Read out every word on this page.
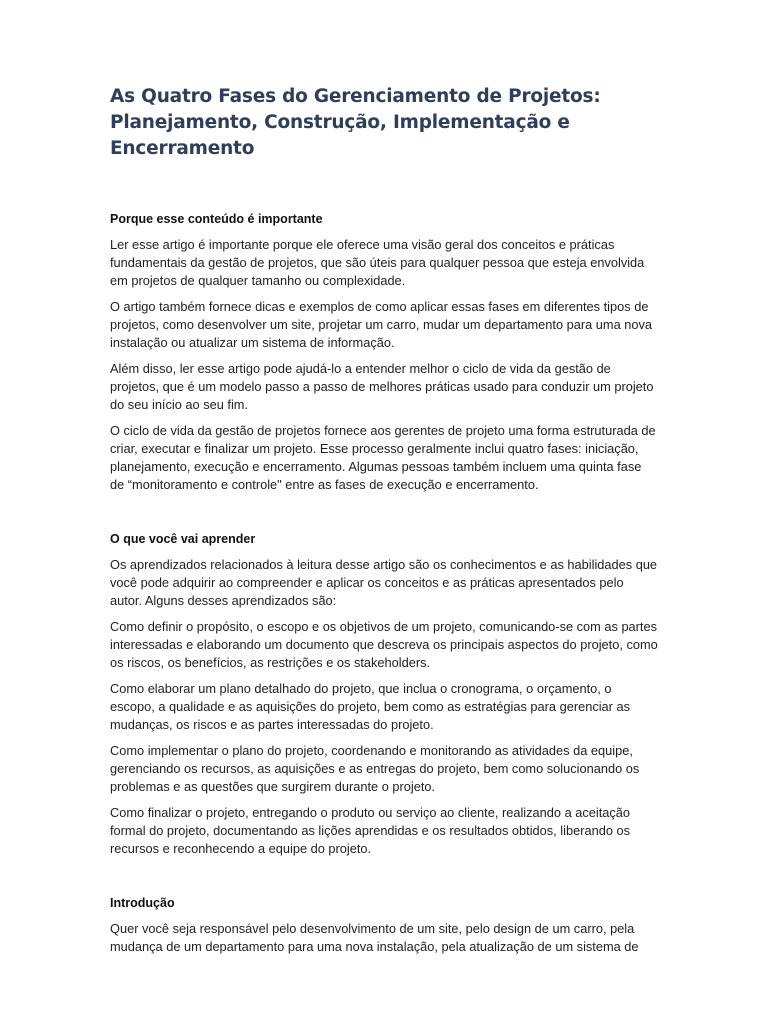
As Quatro Fases do Gerenciamento de Projetos: Planejamento, Construção, Implementação e Encerramento
Porque esse conteúdo é importante

Ler esse artigo é importante porque ele oferece uma visão geral dos conceitos e práticas fundamentais da gestão de projetos, que são úteis para qualquer pessoa que esteja envolvida em projetos de qualquer tamanho ou complexidade.

O artigo também fornece dicas e exemplos de como aplicar essas fases em diferentes tipos de projetos, como desenvolver um site, projetar um carro, mudar um departamento para uma nova instalação ou atualizar um sistema de informação.

Além disso, ler esse artigo pode ajudá-lo a entender melhor o ciclo de vida da gestão de projetos, que é um modelo passo a passo de melhores práticas usado para conduzir um projeto do seu início ao seu fim.

O ciclo de vida da gestão de projetos fornece aos gerentes de projeto uma forma estruturada de criar, executar e finalizar um projeto. Esse processo geralmente inclui quatro fases: iniciação, planejamento, execução e encerramento. Algumas pessoas também incluem uma quinta fase de “monitoramento e controle" entre as fases de execução e encerramento.

O que você vai aprender

Os aprendizados relacionados à leitura desse artigo são os conhecimentos e as habilidades que você pode adquirir ao compreender e aplicar os conceitos e as práticas apresentados pelo autor. Alguns desses aprendizados são:

Como definir o propósito, o escopo e os objetivos de um projeto, comunicando-se com as partes interessadas e elaborando um documento que descreva os principais aspectos do projeto, como os riscos, os benefícios, as restrições e os stakeholders.

Como elaborar um plano detalhado do projeto, que inclua o cronograma, o orçamento, o escopo, a qualidade e as aquisições do projeto, bem como as estratégias para gerenciar as mudanças, os riscos e as partes interessadas do projeto.

Como implementar o plano do projeto, coordenando e monitorando as atividades da equipe, gerenciando os recursos, as aquisições e as entregas do projeto, bem como solucionando os problemas e as questões que surgirem durante o projeto.

Como finalizar o projeto, entregando o produto ou serviço ao cliente, realizando a aceitação formal do projeto, documentando as lições aprendidas e os resultados obtidos, liberando os recursos e reconhecendo a equipe do projeto.

Introdução

Quer você seja responsável pelo desenvolvimento de um site, pelo design de um carro, pela mudança de um departamento para uma nova instalação, pela atualização de um sistema de
